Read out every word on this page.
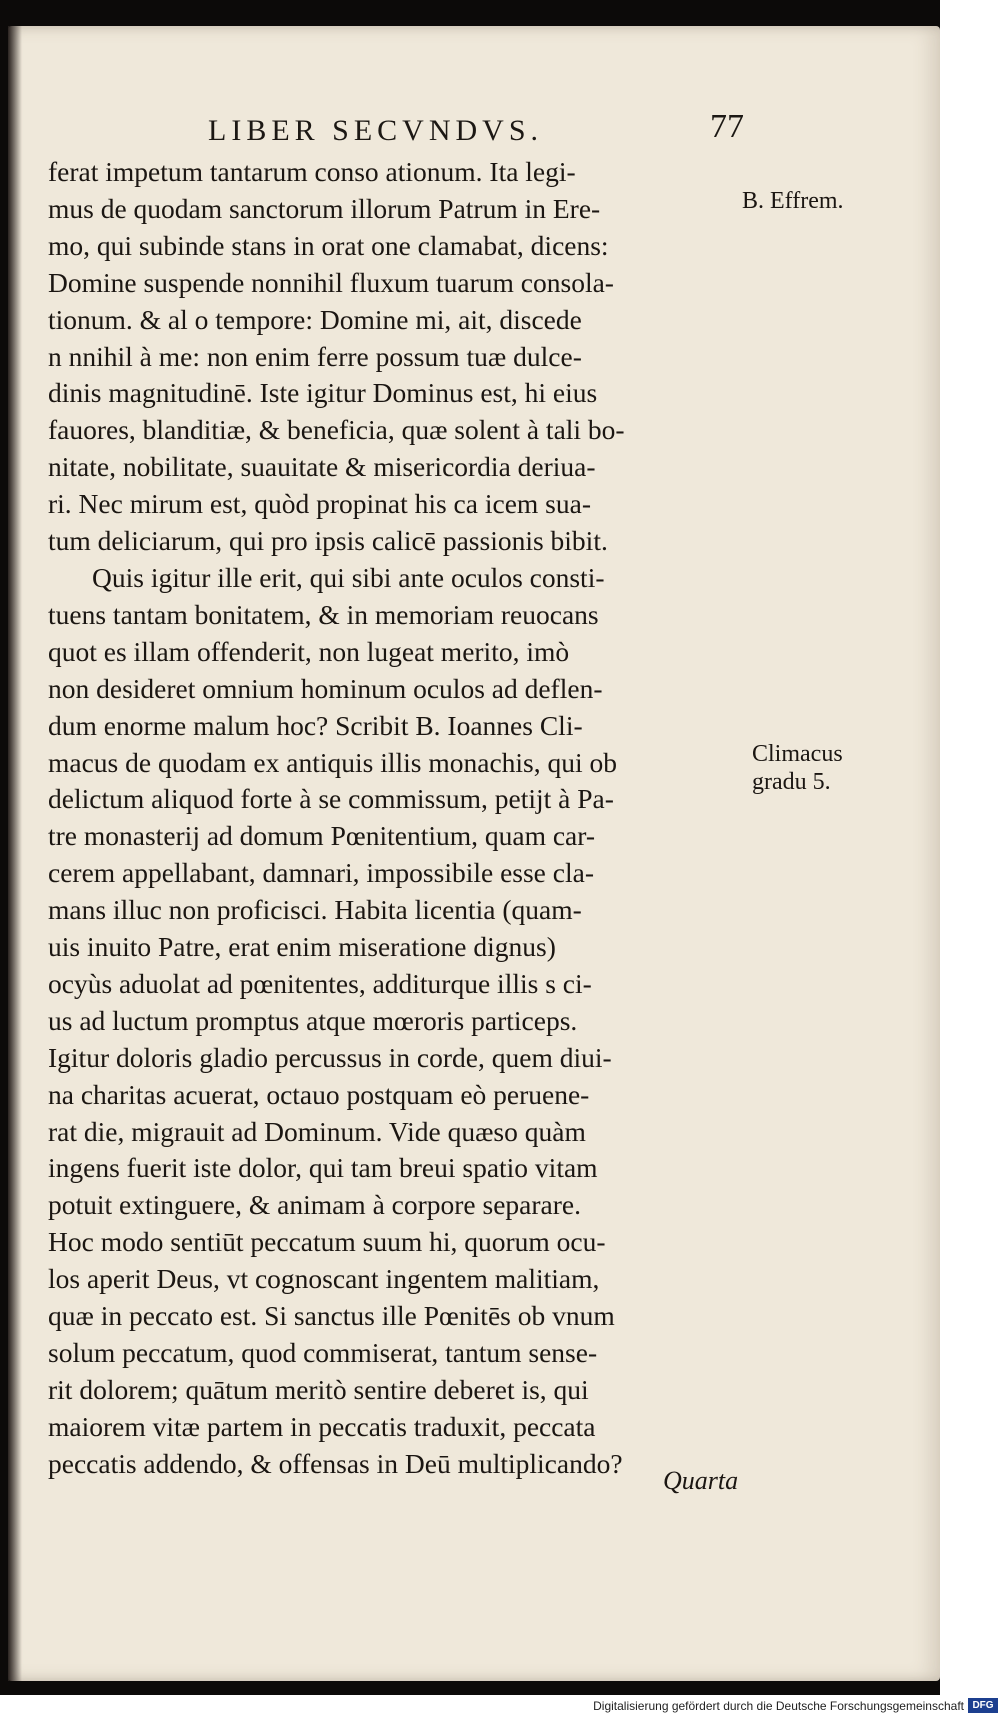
LIBER SECVNDVS.	77
ferat impetum tantarum conso ationum. Ita legi-
mus de quodam sanctorum illorum Patrum in Ere-
mo, qui subinde stans in orat one clamabat, dicens:
Domine suspende nonnihil fluxum tuarum consola-
tionum. & al o tempore: Domine mi, ait, discede
n nnihil à me: non enim ferre possum tuæ dulce-
dinis magnitudinē. Iste igitur Dominus est, hi eius
fauores, blanditiæ, & beneficia, quæ solent à tali bo-
nitate, nobilitate, suauitate & misericordia deriua-
ri. Nec mirum est, quòd propinat his ca icem sua-
tum deliciarum, qui pro ipsis calicē passionis bibit.
Quis igitur ille erit, qui sibi ante oculos consti-
tuens tantam bonitatem, & in memoriam reuocans
quot es illam offenderit, non lugeat merito, imò
non desideret omnium hominum oculos ad deflen-
dum enorme malum hoc? Scribit B. Ioannes Cli-
macus de quodam ex antiquis illis monachis, qui ob
delictum aliquod forte à se commissum, petijt à Pa-
tre monasterij ad domum Pœnitentium, quam car-
cerem appellabant, damnari, impossibile esse cla-
mans illuc non proficisci. Habita licentia (quam-
uis inuito Patre, erat enim miseratione dignus)
ocyùs aduolat ad pœnitentes, additurque illis s ci-
us ad luctum promptus atque mœroris particeps.
Igitur doloris gladio percussus in corde, quem diui-
na charitas acuerat, octauo postquam eò peruene-
rat die, migrauit ad Dominum. Vide quæso quàm
ingens fuerit iste dolor, qui tam breui spatio vitam
potuit extinguere, & animam à corpore separare.
Hoc modo sentiūt peccatum suum hi, quorum ocu-
los aperit Deus, vt cognoscant ingentem malitiam,
quæ in peccato est. Si sanctus ille Pœnitēs ob vnum
solum peccatum, quod commiserat, tantum sense-
rit dolorem; quātum meritò sentire deberet is, qui
maiorem vitæ partem in peccatis traduxit, peccata
peccatis addendo, & offensas in Deū multiplicando?
Quarta
B. Effrem.
Climacus
gradu 5.
Digitalisierung gefördert durch die Deutsche Forschungsgemeinschaft DFG
